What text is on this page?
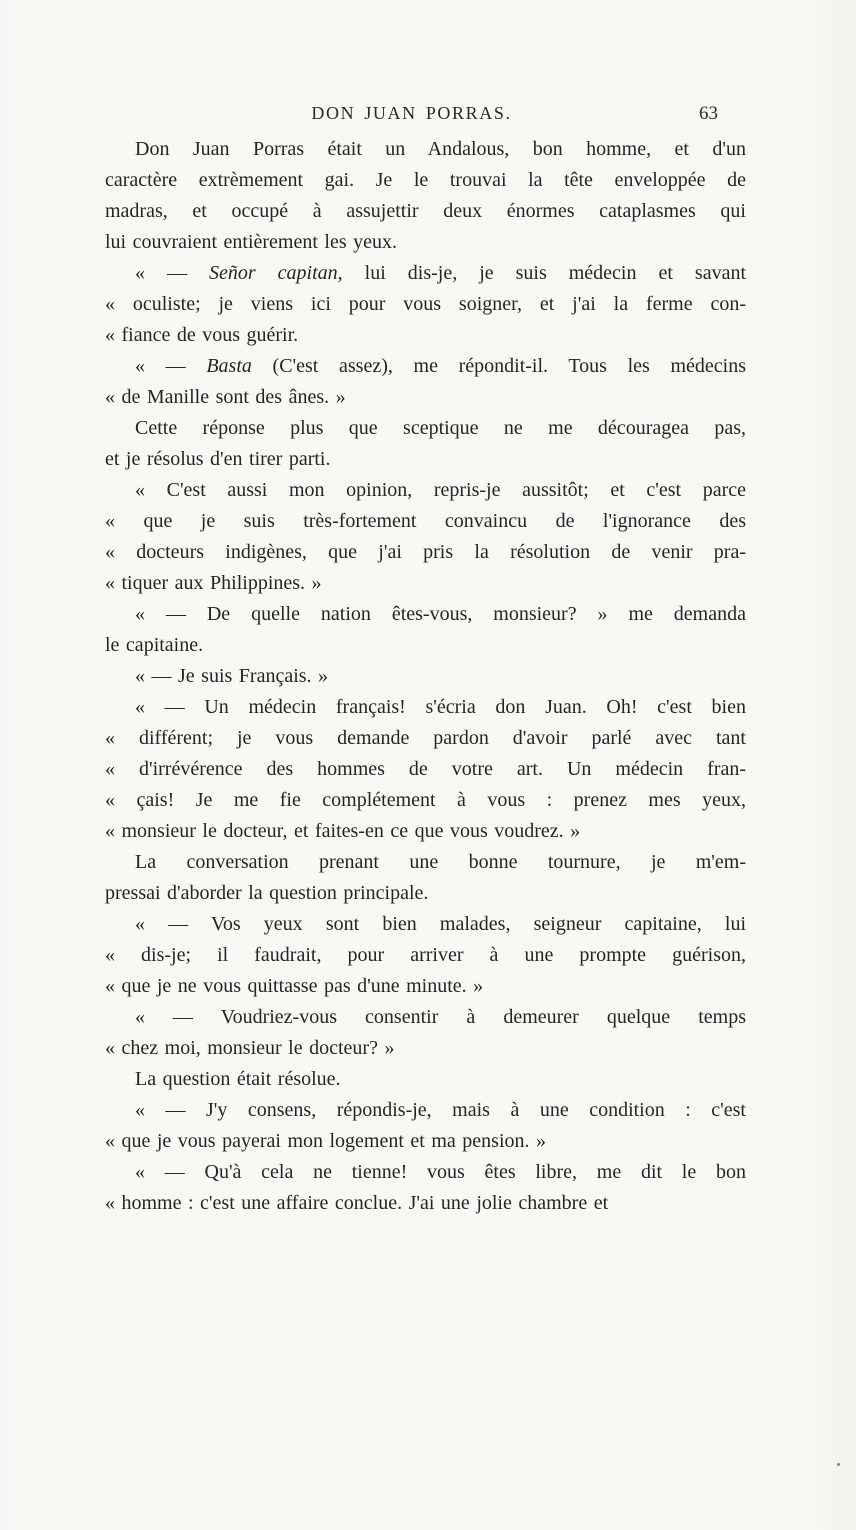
DON JUAN PORRAS.	63
Don Juan Porras était un Andalous, bon homme, et d'un
caractère extrèmement gai. Je le trouvai la tête enveloppée de
madras, et occupé à assujettir deux énormes cataplasmes qui
lui couvraient entièrement les yeux.
« — Señor capitan, lui dis-je, je suis médecin et savant
« oculiste; je viens ici pour vous soigner, et j'ai la ferme con-
« fiance de vous guérir.
« — Basta (C'est assez), me répondit-il. Tous les médecins
« de Manille sont des ânes. »
Cette réponse plus que sceptique ne me découragea pas,
et je résolus d'en tirer parti.
« C'est aussi mon opinion, repris-je aussitôt; et c'est parce
« que je suis très-fortement convaincu de l'ignorance des
« docteurs indigènes, que j'ai pris la résolution de venir pra-
« tiquer aux Philippines. »
« — De quelle nation êtes-vous, monsieur? » me demanda
le capitaine.
« — Je suis Français. »
« — Un médecin français! s'écria don Juan. Oh! c'est bien
« différent; je vous demande pardon d'avoir parlé avec tant
« d'irrévérence des hommes de votre art. Un médecin fran-
« çais! Je me fie complétement à vous : prenez mes yeux,
« monsieur le docteur, et faites-en ce que vous voudrez. »
La conversation prenant une bonne tournure, je m'em-
pressai d'aborder la question principale.
« — Vos yeux sont bien malades, seigneur capitaine, lui
« dis-je; il faudrait, pour arriver à une prompte guérison,
« que je ne vous quittasse pas d'une minute. »
« — Voudriez-vous consentir à demeurer quelque temps
« chez moi, monsieur le docteur? »
La question était résolue.
« — J'y consens, répondis-je, mais à une condition : c'est
« que je vous payerai mon logement et ma pension. »
« — Qu'à cela ne tienne! vous êtes libre, me dit le bon
« homme : c'est une affaire conclue. J'ai une jolie chambre et
